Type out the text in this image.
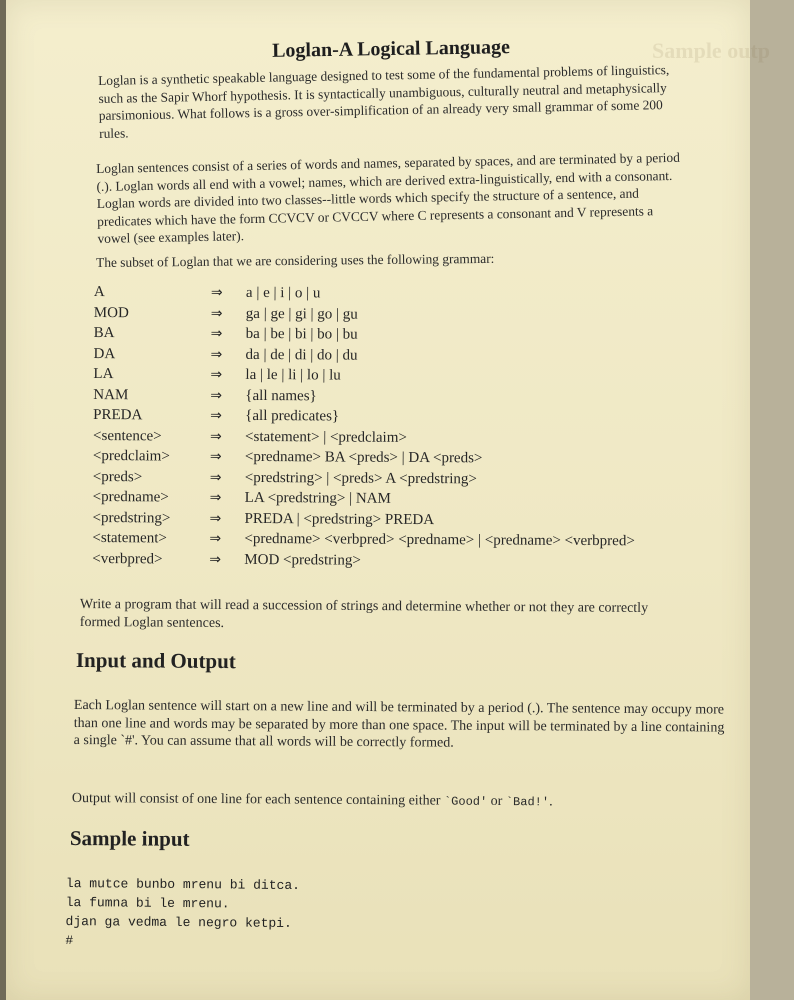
Sample outp
Loglan-A Logical Language

Loglan is a synthetic speakable language designed to test some of the fundamental problems of linguistics, such as the Sapir Whorf hypothesis. It is syntactically unambiguous, culturally neutral and metaphysically parsimonious. What follows is a gross over-simplification of an already very small grammar of some 200 rules.

Loglan sentences consist of a series of words and names, separated by spaces, and are terminated by a period (.). Loglan words all end with a vowel; names, which are derived extra-linguistically, end with a consonant. Loglan words are divided into two classes--little words which specify the structure of a sentence, and predicates which have the form CCVCV or CVCCV where C represents a consonant and V represents a vowel (see examples later).

The subset of Loglan that we are considering uses the following grammar:

A	⇒ a | e | i | o | u
MOD	⇒ ga | ge | gi | go | gu
BA	⇒ ba | be | bi | bo | bu
DA	⇒ da | de | di | do | du
LA	⇒ la | le | li | lo | lu
NAM	⇒ {all names}
PREDA	⇒ {all predicates}
<sentence>	⇒ <statement> | <predclaim>
<predclaim>	⇒ <predname> BA <preds> | DA <preds>
<preds>	⇒ <predstring> | <preds> A <predstring>
<predname>	⇒ LA <predstring> | NAM
<predstring>	⇒ PREDA | <predstring> PREDA
<statement>	⇒ <predname> <verbpred> <predname> | <predname> <verbpred>
<verbpred>	⇒ MOD <predstring>

Write a program that will read a succession of strings and determine whether or not they are correctly formed Loglan sentences.

Input and Output

Each Loglan sentence will start on a new line and will be terminated by a period (.). The sentence may occupy more than one line and words may be separated by more than one space. The input will be terminated by a line containing a single `#'. You can assume that all words will be correctly formed.

Output will consist of one line for each sentence containing either `Good' or `Bad!'.

Sample input
la mutce bunbo mrenu bi ditca.
la fumna bi le mrenu.
djan ga vedma le negro ketpi.
#
